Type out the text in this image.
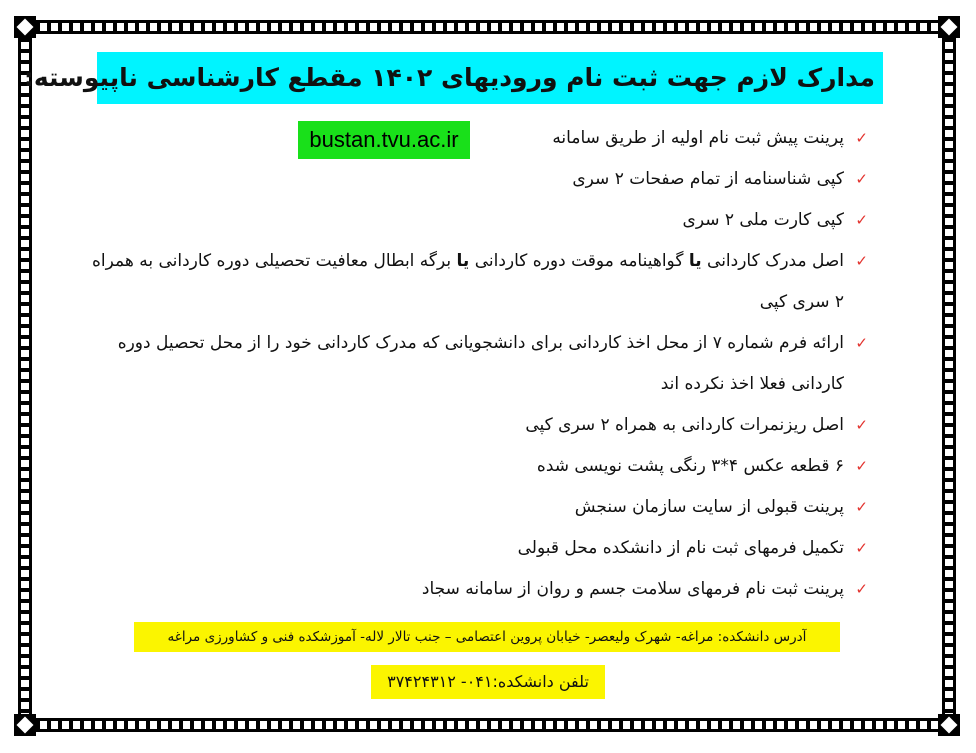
مدارک لازم جهت ثبت نام ورودیهای ۱۴۰۲ مقطع کارشناسی ناپیوسته:
✓
پرینت پیش ثبت نام اولیه از طریق سامانه
✓
کپی شناسنامه از تمام صفحات ۲ سری
✓
کپی کارت ملی ۲ سری
✓
اصل مدرک کاردانی یا گواهینامه موقت دوره کاردانی یا برگه ابطال معافیت تحصیلی دوره کاردانی به همراه ۲ سری کپی
✓
ارائه فرم شماره ۷ از محل اخذ کاردانی برای دانشجویانی که مدرک کاردانی خود را از محل تحصیل دوره کاردانی فعلا اخذ نکرده اند
✓
اصل ریزنمرات کاردانی به همراه ۲ سری کپی
✓
۶ قطعه عکس ۴*۳ رنگی پشت نویسی شده
✓
پرینت قبولی از سایت سازمان سنجش
✓
تکمیل فرمهای ثبت نام از دانشکده محل قبولی
✓
پرینت ثبت نام فرمهای سلامت جسم و روان از سامانه سجاد
bustan.tvu.ac.ir
آدرس دانشکده: مراغه- شهرک ولیعصر- خیابان پروین اعتصامی – جنب تالار لاله- آموزشکده فنی و کشاورزی مراغه
تلفن دانشکده:۰۴۱- ۳۷۴۲۴۳۱۲
